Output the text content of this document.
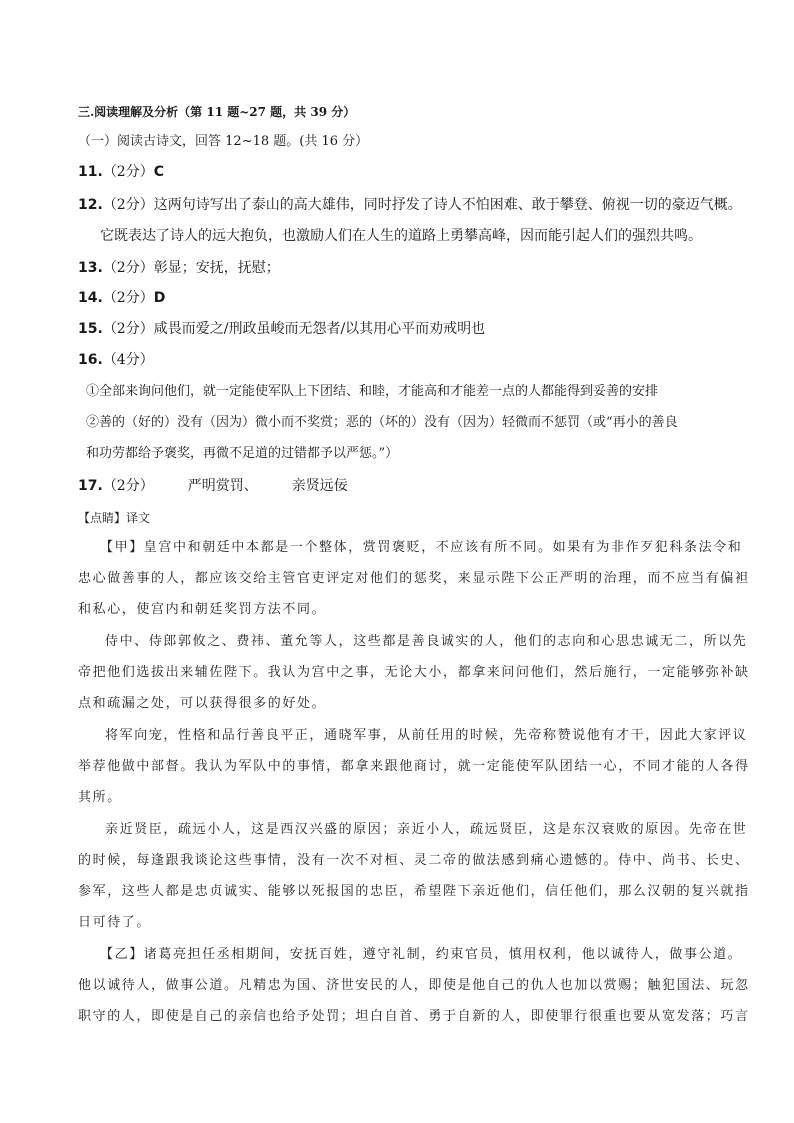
三.阅读理解及分析（第 11 题~27 题，共 39 分）
（一）阅读古诗文，回答 12~18 题。(共 16 分）
11.（2分）C
12.（2分）这两句诗写出了泰山的高大雄伟，同时抒发了诗人不怕困难、敢于攀登、俯视一切的豪迈气概。
它既表达了诗人的远大抱负，也激励人们在人生的道路上勇攀高峰，因而能引起人们的强烈共鸣。
13.（2分）彰显；安抚，抚慰；
14.（2分）D
15.（2分）咸畏而爱之/刑政虽峻而无怨者/以其用心平而劝戒明也
16.（4分）
①全部来询问他们，就一定能使军队上下团结、和睦，才能高和才能差一点的人都能得到妥善的安排
②善的（好的）没有（因为）微小而不奖赏；恶的（坏的）没有（因为）轻微而不惩罚（或“再小的善良
和功劳都给予褒奖，再微不足道的过错都予以严惩。”）
17.（2分） 严明赏罚、 亲贤远佞
【点睛】译文
【甲】皇宫中和朝廷中本都是一个整体，赏罚褒贬，不应该有所不同。如果有为非作歹犯科条法令和
忠心做善事的人，都应该交给主管官吏评定对他们的惩奖，来显示陛下公正严明的治理，而不应当有偏袒
和私心，使宫内和朝廷奖罚方法不同。
侍中、侍郎郭攸之、费祎、董允等人，这些都是善良诚实的人，他们的志向和心思忠诚无二，所以先
帝把他们选拔出来辅佐陛下。我认为宫中之事，无论大小，都拿来问问他们，然后施行，一定能够弥补缺
点和疏漏之处，可以获得很多的好处。
将军向宠，性格和品行善良平正，通晓军事，从前任用的时候，先帝称赞说他有才干，因此大家评议
举荐他做中部督。我认为军队中的事情，都拿来跟他商讨，就一定能使军队团结一心，不同才能的人各得
其所。
亲近贤臣，疏远小人，这是西汉兴盛的原因；亲近小人，疏远贤臣，这是东汉衰败的原因。先帝在世
的时候，每逢跟我谈论这些事情，没有一次不对桓、灵二帝的做法感到痛心遗憾的。侍中、尚书、长史、
参军，这些人都是忠贞诚实、能够以死报国的忠臣，希望陛下亲近他们，信任他们，那么汉朝的复兴就指
日可待了。
【乙】诸葛亮担任丞相期间，安抚百姓，遵守礼制，约束官员，慎用权利，他以诚待人，做事公道。
他以诚待人，做事公道。凡精忠为国、济世安民的人，即使是他自己的仇人也加以赏赐；触犯国法、玩忽
职守的人，即使是自己的亲信也给予处罚；坦白自首、勇于自新的人，即使罪行很重也要从宽发落；巧言
